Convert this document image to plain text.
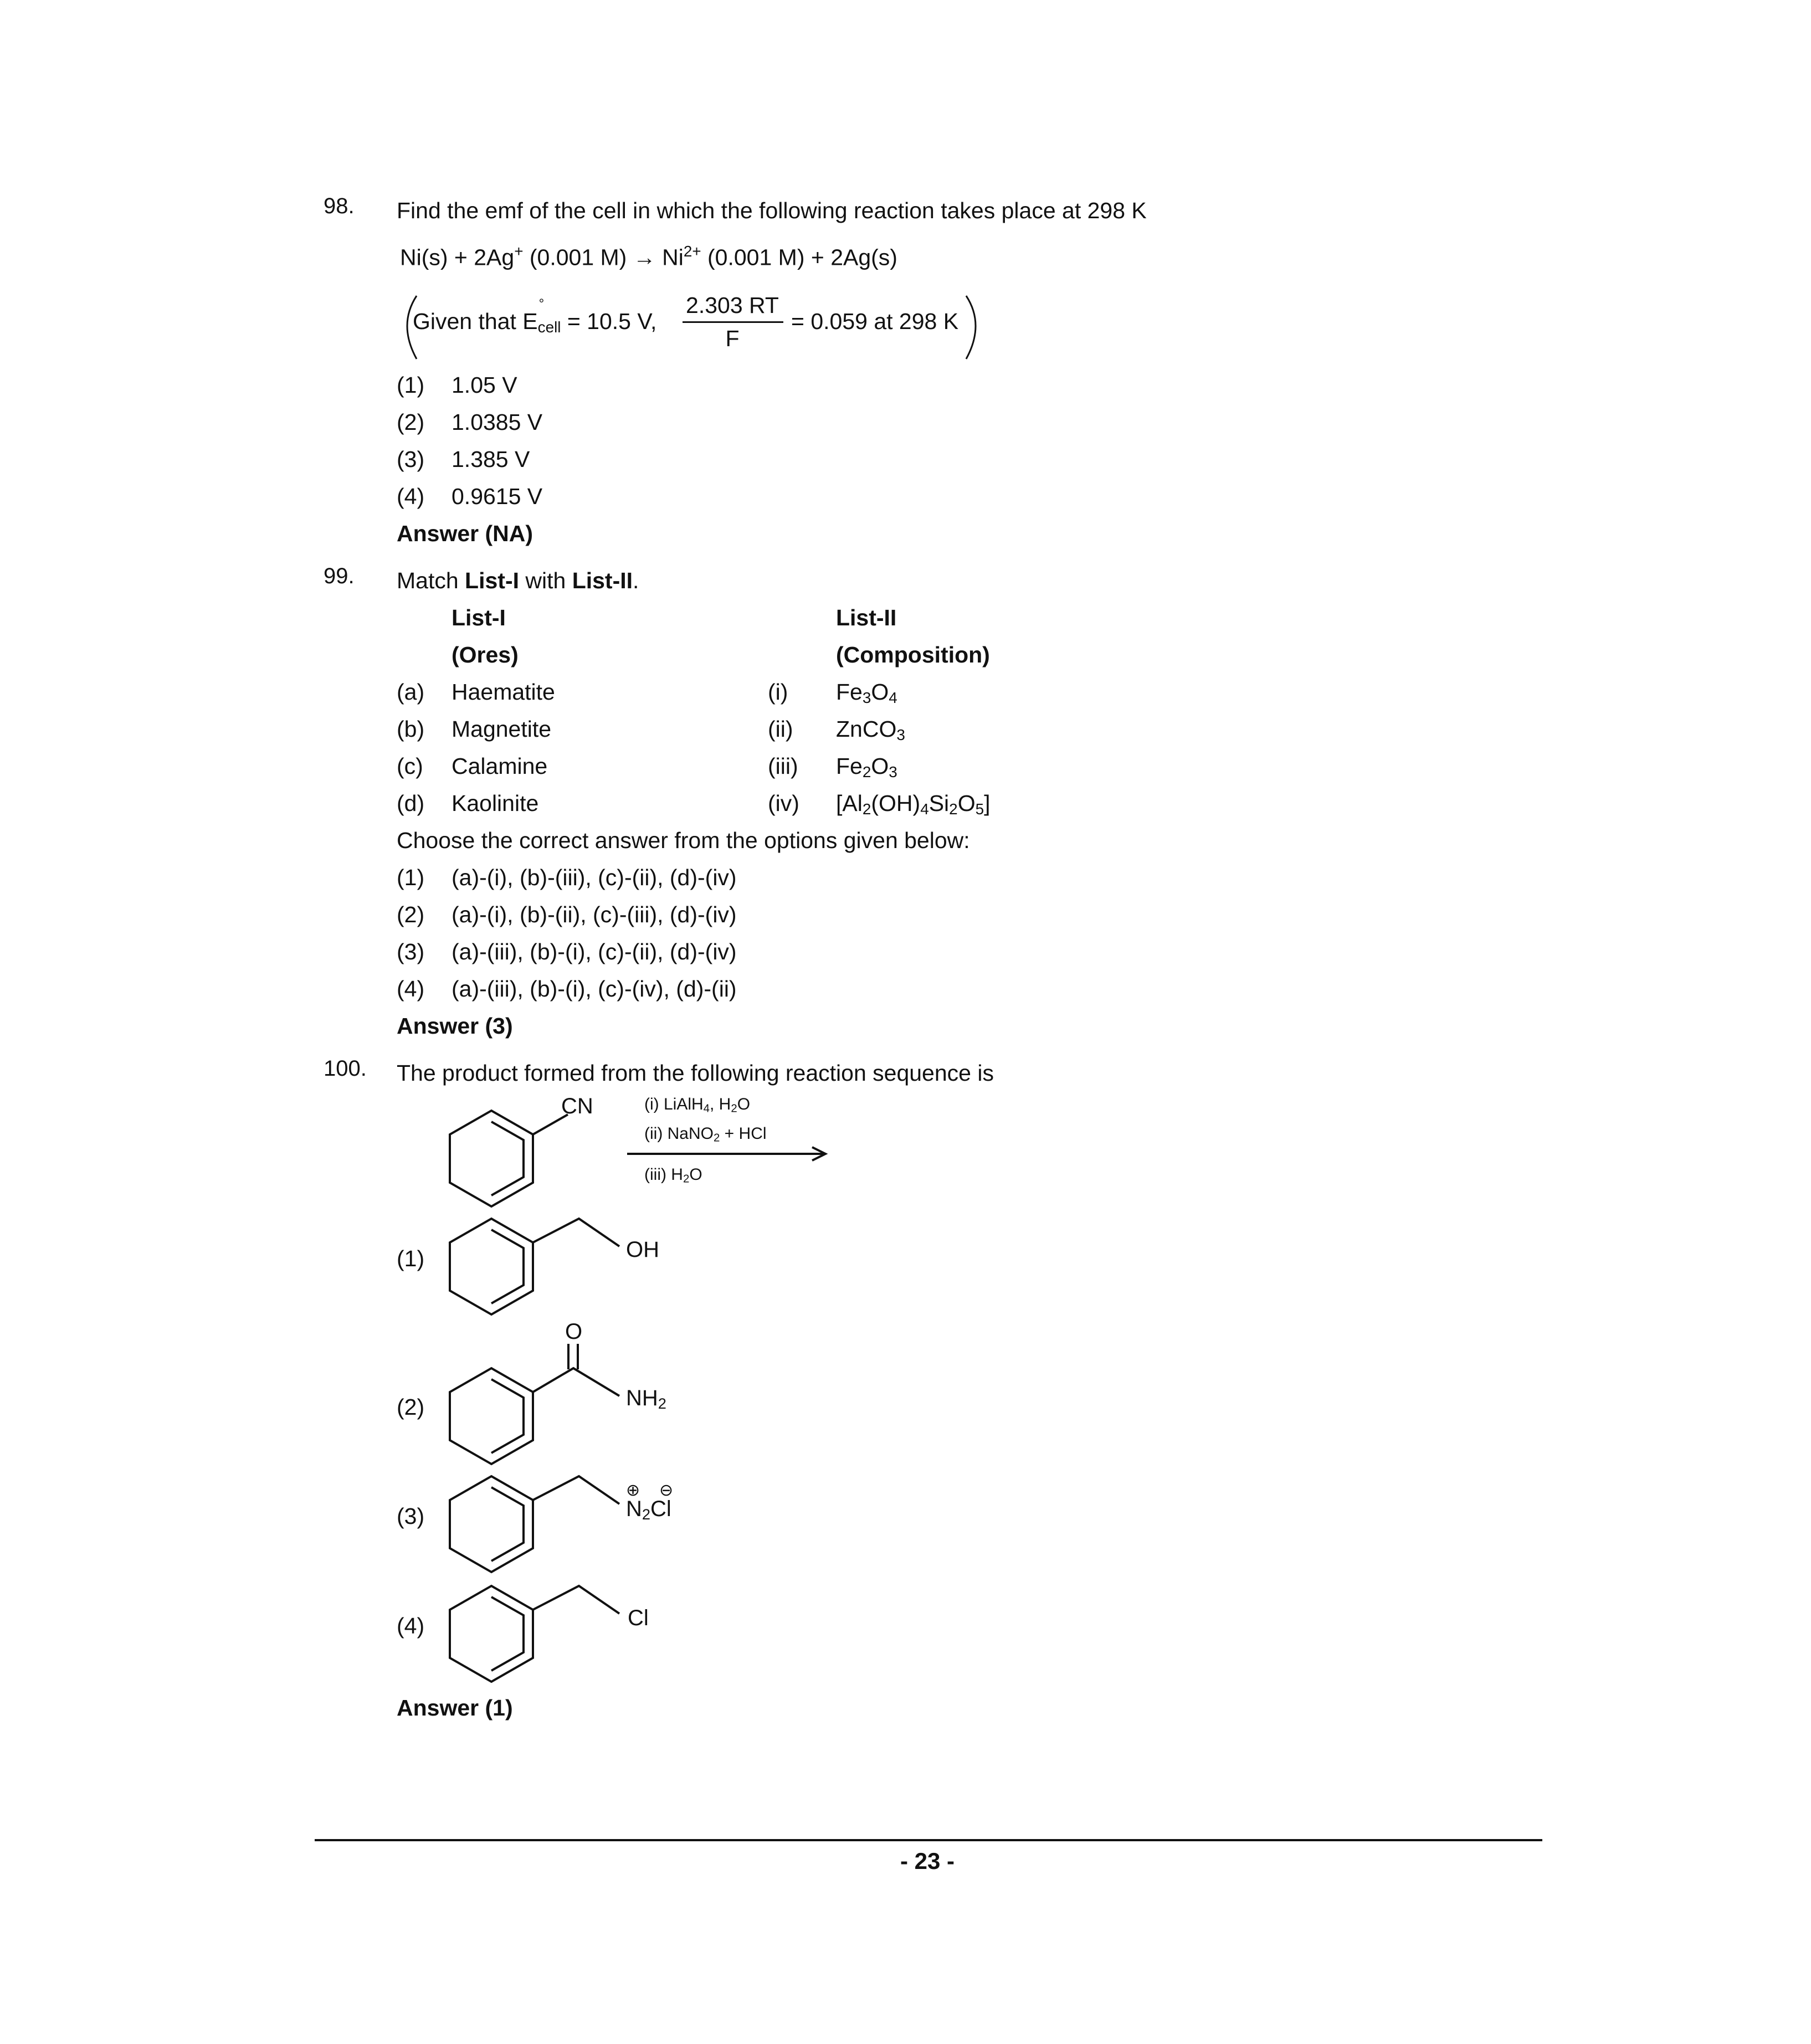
98. Find the emf of the cell in which the following reaction takes place at 298 K
Ni(s) + 2Ag+ (0.001 $M) \to Ni^{2+}$ (0.001 M) + 2Ag(s)
Given that E
°
$_{cell}$ = 10.5 V,
2.303 RT
F
= 0.059 at 298 K
(1) 1.05 V
(2) 1.0385 V
(3) 1.385 V
(4) 0.9615 V
Answer (NA)
99. Match List-I with List-II.
List-I
(Ores)
List-II
(Composition)
(a) Haematite	(i) $Fe_3O_4$
(b) Magnetite	(ii) ZnCO$_3$
(c) Calamine	(iii) $Fe_2O_3$
(d) Kaolinite	(iv) $[Al_2(OH)_4Si_2O_5]$
Choose the correct answer from the options given below:
(1) (a)-(i), (b)-(iii), (c)-(ii), (d)-(iv)
(2) (a)-(i), (b)-(ii), (c)-(iii), (d)-(iv)
(3) (a)-(iii), (b)-(i), (c)-(ii), (d)-(iv)
(4) (a)-(iii), (b)-(i), (c)-(iv), (d)-(ii)
Answer (3)
100. The product formed from the following reaction sequence is
CN	(i) LiAlH$_4$, $H_2O$
(ii) NaNO$_2$ + HCl
(iii) $H_2O$
(1)	OH
(2)
O
$NH_2$
(3)
⊕ ⊖
$N_2Cl$
(4)	Cl
Answer (1)
- 23 -
